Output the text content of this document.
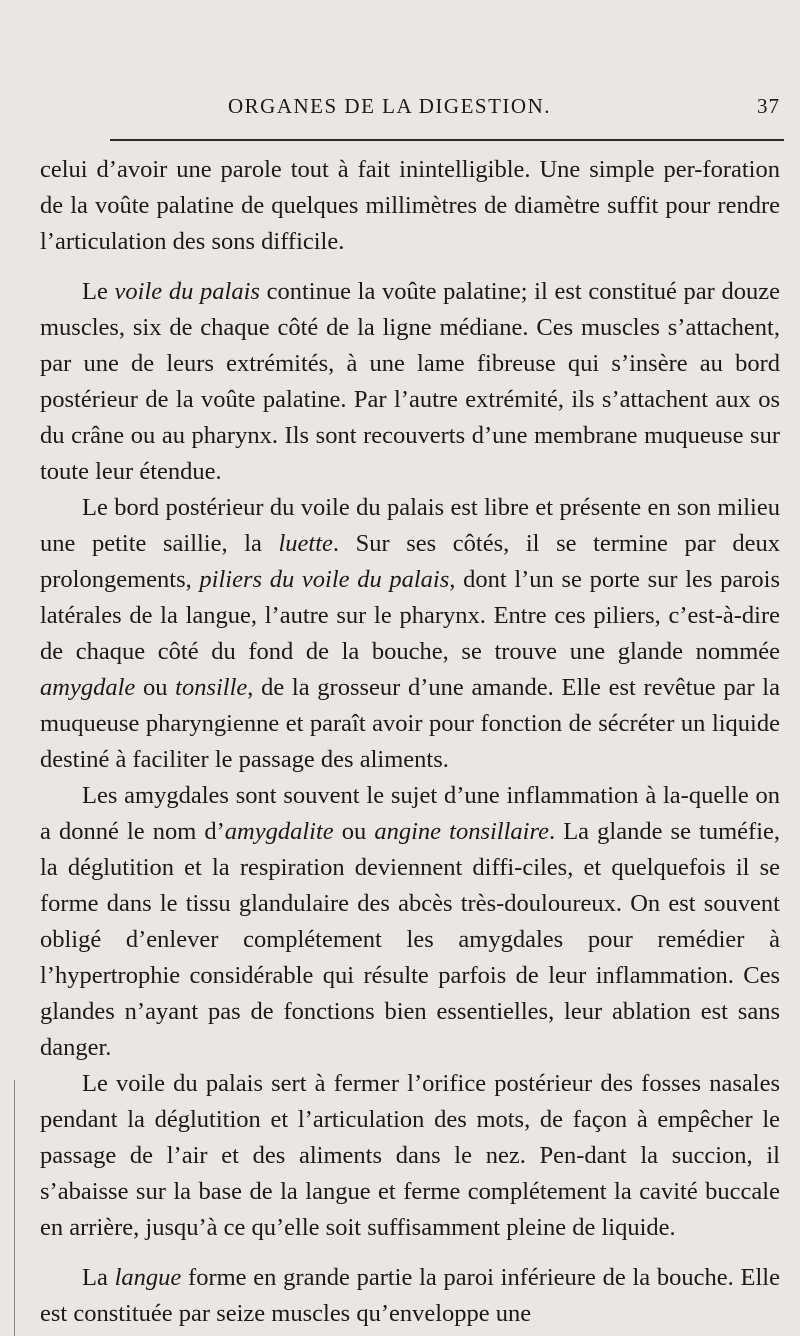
ORGANES DE LA DIGESTION.	37

celui d’avoir une parole tout à fait inintelligible. Une simple per-foration de la voûte palatine de quelques millimètres de diamètre suffit pour rendre l’articulation des sons difficile.

Le voile du palais continue la voûte palatine; il est constitué par douze muscles, six de chaque côté de la ligne médiane. Ces muscles s’attachent, par une de leurs extrémités, à une lame fibreuse qui s’insère au bord postérieur de la voûte palatine. Par l’autre extrémité, ils s’attachent aux os du crâne ou au pharynx. Ils sont recouverts d’une membrane muqueuse sur toute leur étendue.

Le bord postérieur du voile du palais est libre et présente en son milieu une petite saillie, la luette. Sur ses côtés, il se termine par deux prolongements, piliers du voile du palais, dont l’un se porte sur les parois latérales de la langue, l’autre sur le pharynx. Entre ces piliers, c’est-à-dire de chaque côté du fond de la bouche, se trouve une glande nommée amygdale ou tonsille, de la grosseur d’une amande. Elle est revêtue par la muqueuse pharyngienne et paraît avoir pour fonction de sécréter un liquide destiné à faciliter le passage des aliments.

Les amygdales sont souvent le sujet d’une inflammation à la-quelle on a donné le nom d’amygdalite ou angine tonsillaire. La glande se tuméfie, la déglutition et la respiration deviennent diffi-ciles, et quelquefois il se forme dans le tissu glandulaire des abcès très-douloureux. On est souvent obligé d’enlever complétement les amygdales pour remédier à l’hypertrophie considérable qui résulte parfois de leur inflammation. Ces glandes n’ayant pas de fonctions bien essentielles, leur ablation est sans danger.

Le voile du palais sert à fermer l’orifice postérieur des fosses nasales pendant la déglutition et l’articulation des mots, de façon à empêcher le passage de l’air et des aliments dans le nez. Pen-dant la succion, il s’abaisse sur la base de la langue et ferme complétement la cavité buccale en arrière, jusqu’à ce qu’elle soit suffisamment pleine de liquide.

La langue forme en grande partie la paroi inférieure de la bouche. Elle est constituée par seize muscles qu’enveloppe une
